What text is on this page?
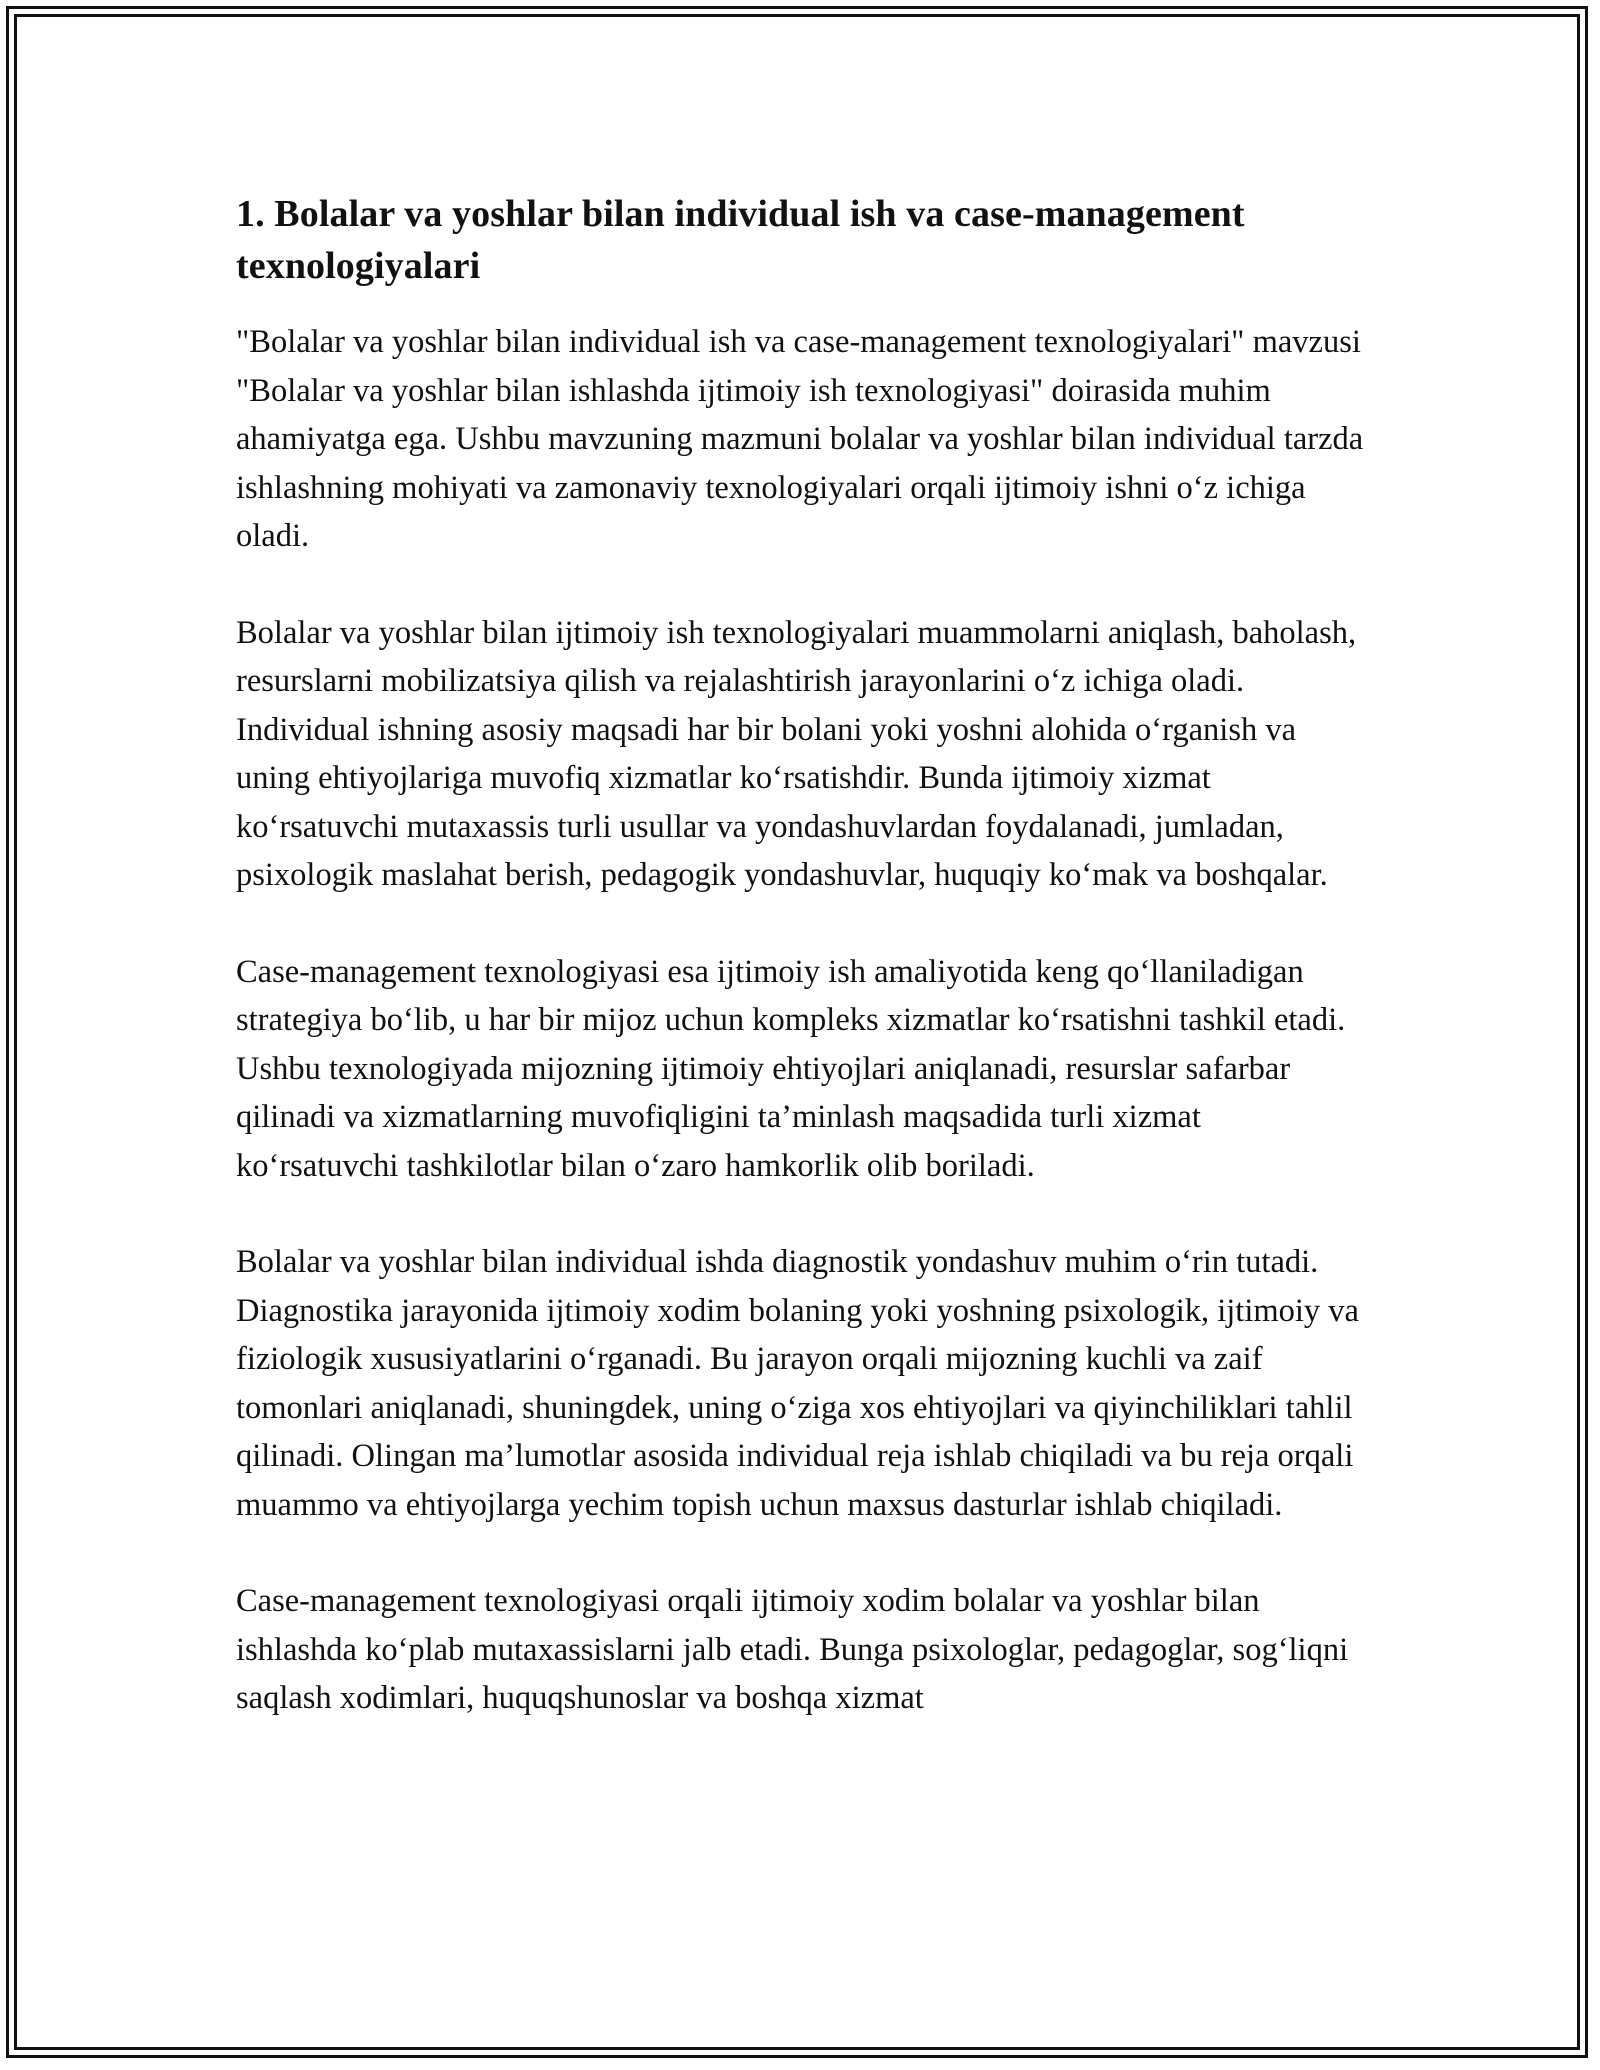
1. Bolalar va yoshlar bilan individual ish va case-management texnologiyalari

"Bolalar va yoshlar bilan individual ish va case-management texnologiyalari" mavzusi "Bolalar va yoshlar bilan ishlashda ijtimoiy ish texnologiyasi" doirasida muhim ahamiyatga ega. Ushbu mavzuning mazmuni bolalar va yoshlar bilan individual tarzda ishlashning mohiyati va zamonaviy texnologiyalari orqali ijtimoiy ishni o‘z ichiga oladi.

Bolalar va yoshlar bilan ijtimoiy ish texnologiyalari muammolarni aniqlash, baholash, resurslarni mobilizatsiya qilish va rejalashtirish jarayonlarini o‘z ichiga oladi. Individual ishning asosiy maqsadi har bir bolani yoki yoshni alohida o‘rganish va uning ehtiyojlariga muvofiq xizmatlar ko‘rsatishdir. Bunda ijtimoiy xizmat ko‘rsatuvchi mutaxassis turli usullar va yondashuvlardan foydalanadi, jumladan, psixologik maslahat berish, pedagogik yondashuvlar, huquqiy ko‘mak va boshqalar.

Case-management texnologiyasi esa ijtimoiy ish amaliyotida keng qo‘llaniladigan strategiya bo‘lib, u har bir mijoz uchun kompleks xizmatlar ko‘rsatishni tashkil etadi. Ushbu texnologiyada mijozning ijtimoiy ehtiyojlari aniqlanadi, resurslar safarbar qilinadi va xizmatlarning muvofiqligini ta’minlash maqsadida turli xizmat ko‘rsatuvchi tashkilotlar bilan o‘zaro hamkorlik olib boriladi.

Bolalar va yoshlar bilan individual ishda diagnostik yondashuv muhim o‘rin tutadi. Diagnostika jarayonida ijtimoiy xodim bolaning yoki yoshning psixologik, ijtimoiy va fiziologik xususiyatlarini o‘rganadi. Bu jarayon orqali mijozning kuchli va zaif tomonlari aniqlanadi, shuningdek, uning o‘ziga xos ehtiyojlari va qiyinchiliklari tahlil qilinadi. Olingan ma’lumotlar asosida individual reja ishlab chiqiladi va bu reja orqali muammo va ehtiyojlarga yechim topish uchun maxsus dasturlar ishlab chiqiladi.

Case-management texnologiyasi orqali ijtimoiy xodim bolalar va yoshlar bilan ishlashda ko‘plab mutaxassislarni jalb etadi. Bunga psixologlar, pedagoglar, sog‘liqni saqlash xodimlari, huquqshunoslar va boshqa xizmat
